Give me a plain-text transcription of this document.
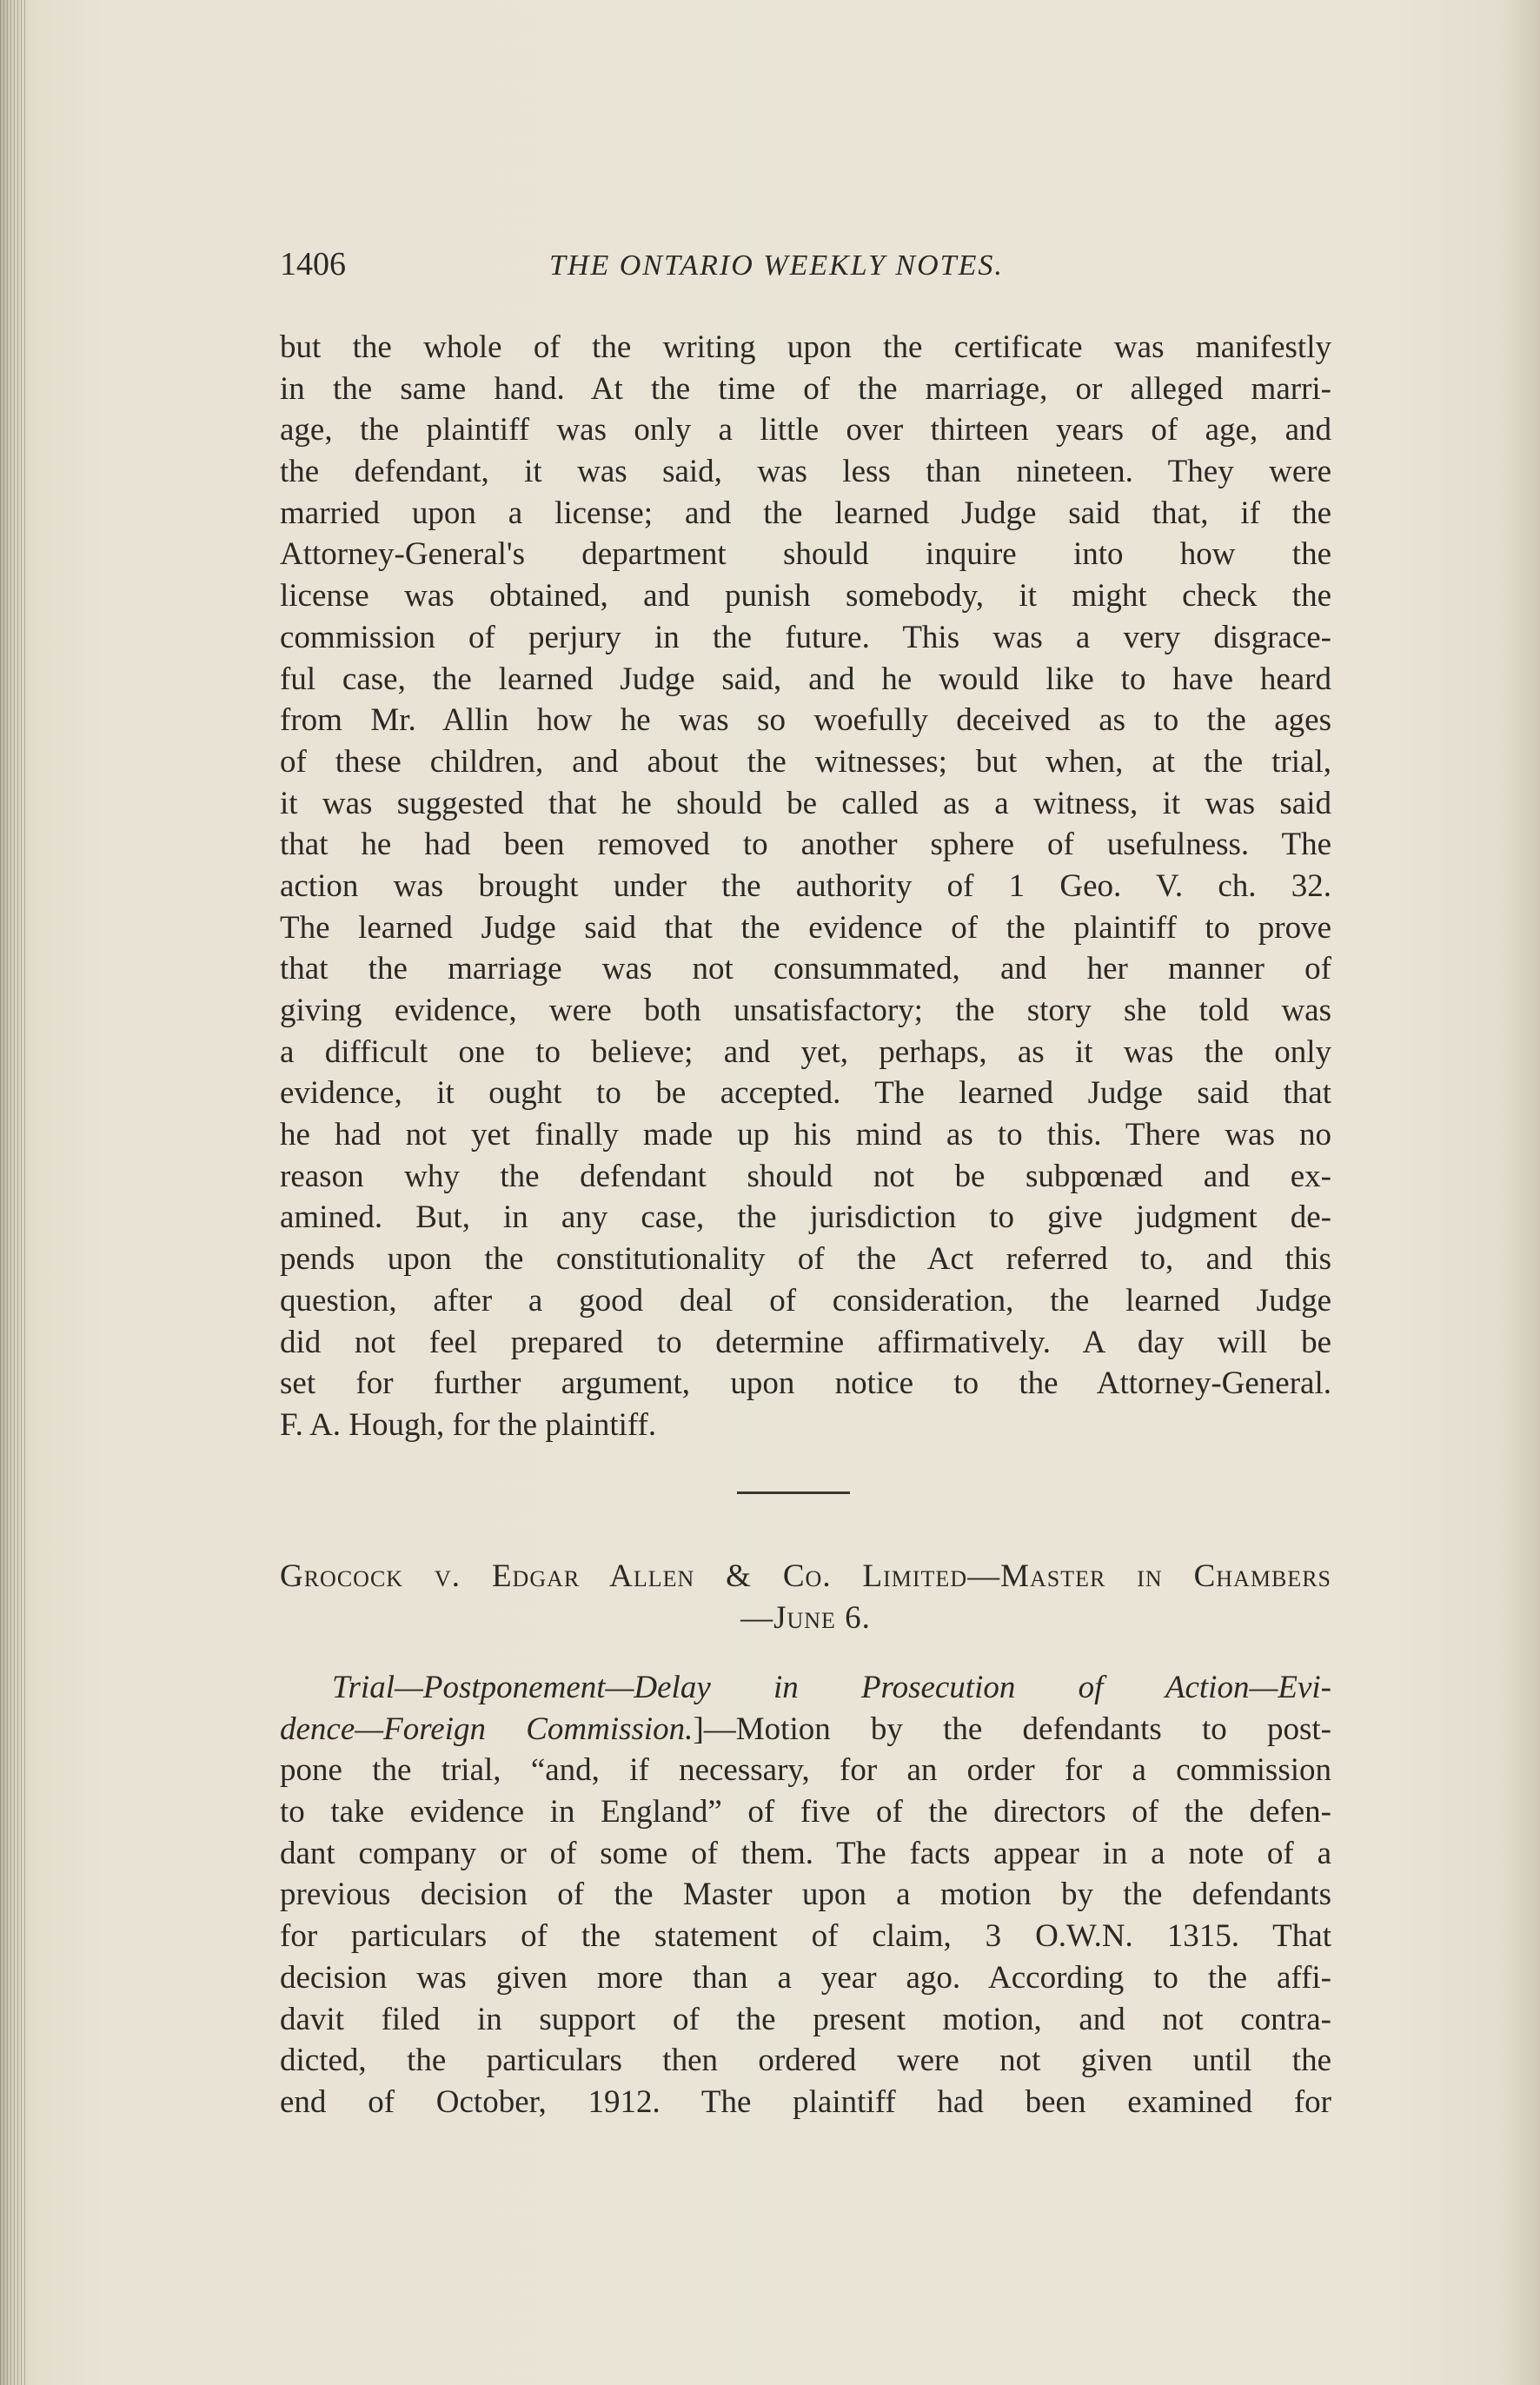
1406	THE ONTARIO WEEKLY NOTES.
but the whole of the writing upon the certificate was manifestly
in the same hand. At the time of the marriage, or alleged marri-
age, the plaintiff was only a little over thirteen years of age, and
the defendant, it was said, was less than nineteen. They were
married upon a license; and the learned Judge said that, if the
Attorney-General's department should inquire into how the
license was obtained, and punish somebody, it might check the
commission of perjury in the future. This was a very disgrace-
ful case, the learned Judge said, and he would like to have heard
from Mr. Allin how he was so woefully deceived as to the ages
of these children, and about the witnesses; but when, at the trial,
it was suggested that he should be called as a witness, it was said
that he had been removed to another sphere of usefulness. The
action was brought under the authority of 1 Geo. V. ch. 32.
The learned Judge said that the evidence of the plaintiff to prove
that the marriage was not consummated, and her manner of
giving evidence, were both unsatisfactory; the story she told was
a difficult one to believe; and yet, perhaps, as it was the only
evidence, it ought to be accepted. The learned Judge said that
he had not yet finally made up his mind as to this. There was no
reason why the defendant should not be subpœnæd and ex-
amined. But, in any case, the jurisdiction to give judgment de-
pends upon the constitutionality of the Act referred to, and this
question, after a good deal of consideration, the learned Judge
did not feel prepared to determine affirmatively. A day will be
set for further argument, upon notice to the Attorney-General.
F. A. Hough, for the plaintiff.
Grocock v. Edgar Allen & Co. Limited—Master in Chambers
—June 6.
Trial—Postponement—Delay in Prosecution of Action—Evi-
dence—Foreign Commission.]—Motion by the defendants to post-
pone the trial, “and, if necessary, for an order for a commission
to take evidence in England” of five of the directors of the defen-
dant company or of some of them. The facts appear in a note of a
previous decision of the Master upon a motion by the defendants
for particulars of the statement of claim, 3 O.W.N. 1315. That
decision was given more than a year ago. According to the affi-
davit filed in support of the present motion, and not contra-
dicted, the particulars then ordered were not given until the
end of October, 1912. The plaintiff had been examined for
